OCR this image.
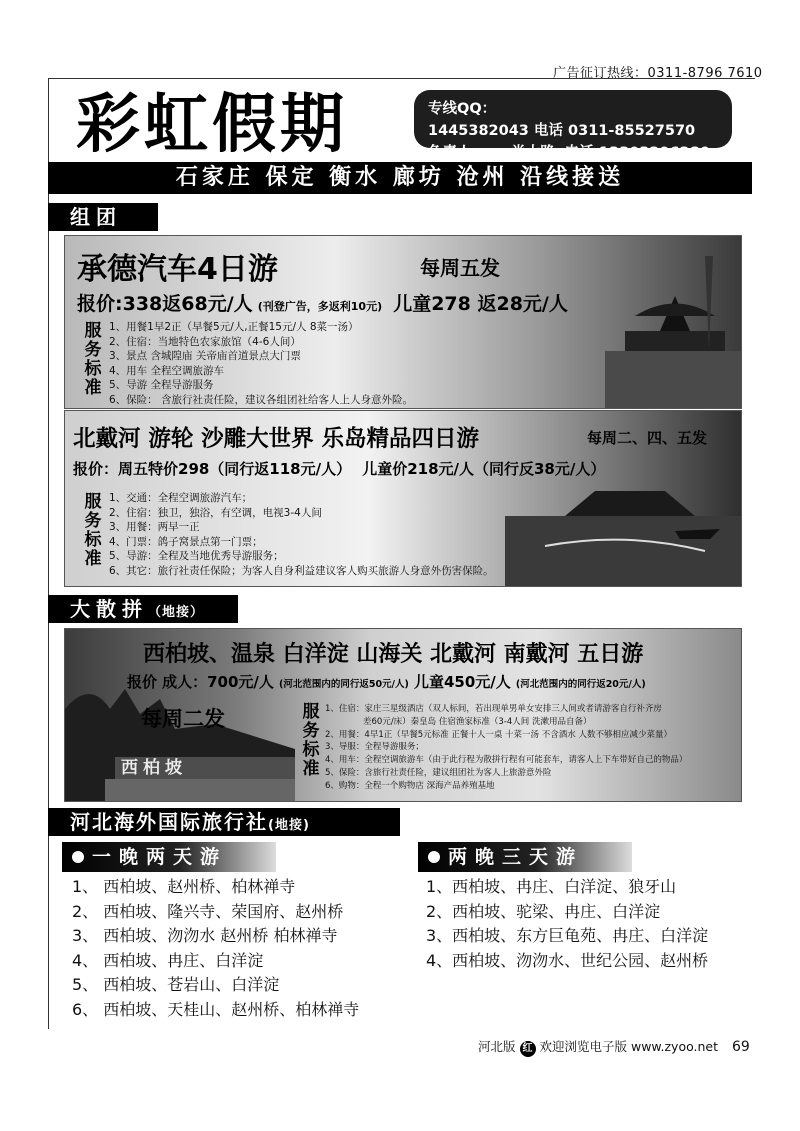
广告征订热线：0311-8796 7610
彩虹假期	专线QQ：1445382043 电话 0311-85527570
负责人： 尚大路 电话 13303296280
石家庄 保定 衡水 廊坊 沧州 沿线接送
组团
承德汽车4日游	每周五发
报价:338返68元/人 (刊登广告，多返利10元) 儿童278 返28元/人
服
务
标
准
1、用餐1早2正（早餐5元/人,正餐15元/人 8菜一汤）
2、住宿：当地特色农家旅馆（4-6人间）
3、景点 含城隍庙 关帝庙首道景点大门票
4、用车 全程空调旅游车
5、导游 全程导游服务
6、保险： 含旅行社责任险，建议各组团社给客人上人身意外险。
北戴河 游轮 沙雕大世界 乐岛精品四日游	每周二、四、五发
报价：周五特价298（同行返118元/人） 儿童价218元/人（同行反38元/人）
服
务
标
准
1、交通：全程空调旅游汽车；
2、住宿：独卫，独浴，有空调，电视3-4人间
3、用餐：两早一正
4、门票：鸽子窝景点第一门票；
5、导游：全程及当地优秀导游服务；
6、其它：旅行社责任保险；为客人自身利益建议客人购买旅游人身意外伤害保险。
大散拼（地接）
西柏坡、温泉 白洋淀 山海关 北戴河 南戴河 五日游
报价 成人：700元/人 (河北范围内的同行返50元/人) 儿童450元/人 (河北范围内的同行返20元/人)
每周二发
西柏坡
服
务
标
准
1、住宿：家庄三星级酒店（双人标间，若出现单男单女安排三人间或者请游客自行补齐房
差60元/床）秦皇岛 住宿渔家标准（3-4人间 洗漱用品自备）
2、用餐：4早1正（早餐5元标准 正餐十人一桌 十菜一汤 不含酒水 人数不够相应减少菜量）
3、导服：全程导游服务；
4、用车：全程空调旅游车（由于此行程为散拼行程有可能套车，请客人上下车带好自己的物品）
5、保险：含旅行社责任险，建议组团社为客人上旅游意外险
6、购物：全程一个购物店 深海产品养殖基地
河北海外国际旅行社(地接)
一晚两天游
1、 西柏坡、赵州桥、柏林禅寺
2、 西柏坡、隆兴寺、荣国府、赵州桥
3、 西柏坡、沕沕水 赵州桥 柏林禅寺
4、 西柏坡、冉庄、白洋淀
5、 西柏坡、苍岩山、白洋淀
6、 西柏坡、天桂山、赵州桥、柏林禅寺
两晚三天游
1、西柏坡、冉庄、白洋淀、狼牙山
2、西柏坡、驼梁、冉庄、白洋淀
3、西柏坡、东方巨龟苑、冉庄、白洋淀
4、西柏坡、沕沕水、世纪公园、赵州桥
河北版 红 欢迎浏览电子版 www.zyoo.net 69
